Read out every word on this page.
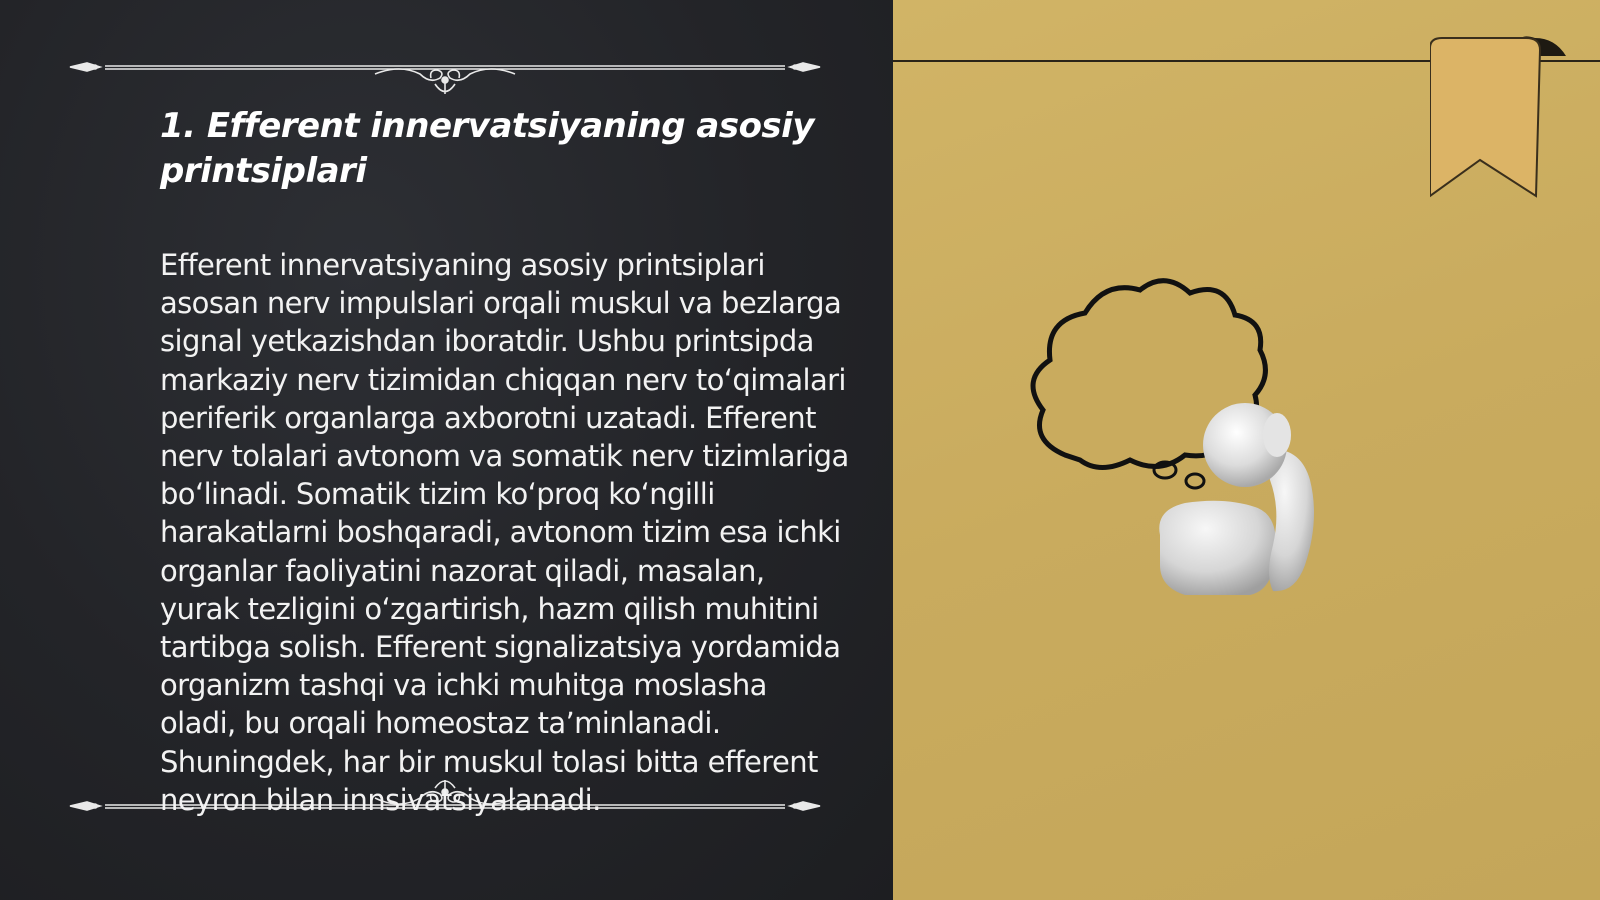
1. Efferent innervatsiyaning asosiy printsiplari

Efferent innervatsiyaning asosiy printsiplari asosan nerv impulslari orqali muskul va bezlarga signal yetkazishdan iboratdir. Ushbu printsipda markaziy nerv tizimidan chiqqan nerv to‘qimalari periferik organlarga axborotni uzatadi. Efferent nerv tolalari avtonom va somatik nerv tizimlariga bo‘linadi. Somatik tizim ko‘proq ko‘ngilli harakatlarni boshqaradi, avtonom tizim esa ichki organlar faoliyatini nazorat qiladi, masalan, yurak tezligini o‘zgartirish, hazm qilish muhitini tartibga solish. Efferent signalizatsiya yordamida organizm tashqi va ichki muhitga moslasha oladi, bu orqali homeostaz ta’minlanadi. Shuningdek, har bir muskul tolasi bitta efferent neyron bilan innsivatsiyalanadi.
